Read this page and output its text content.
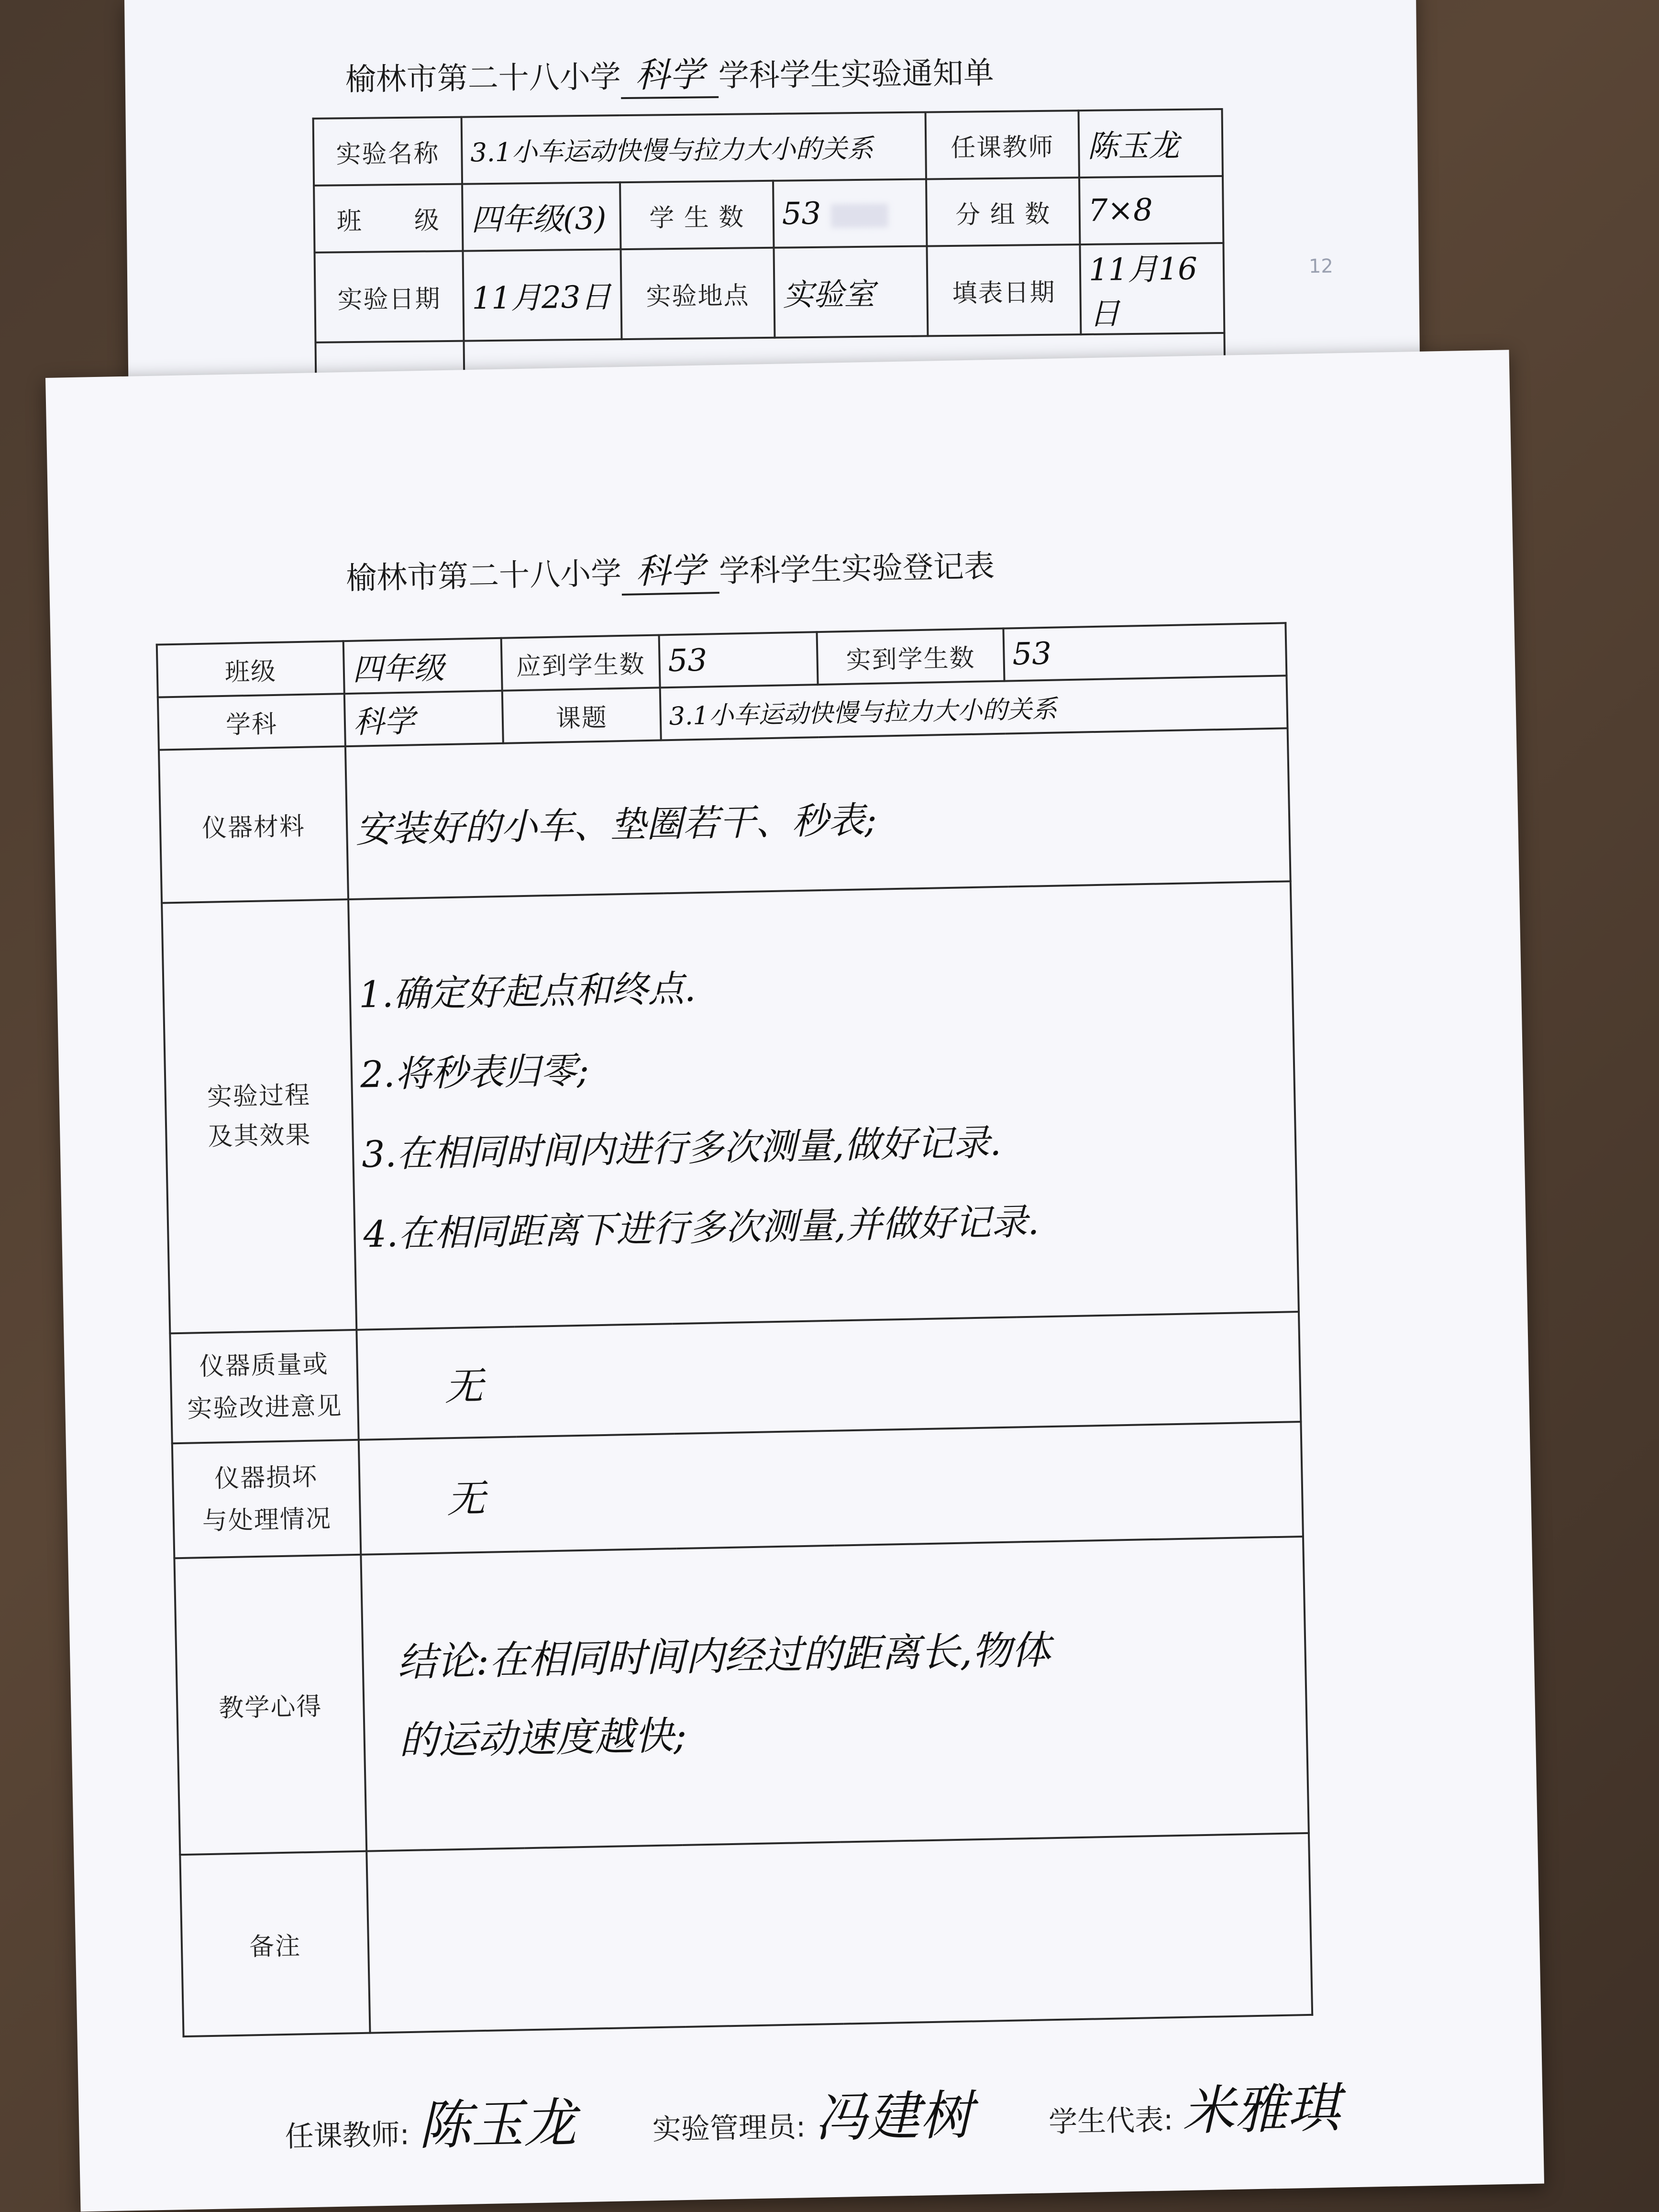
榆林市第二十八小学 科学 学科学生实验通知单
实验名称	3.1小车运动快慢与拉力大小的关系			任课教师	陈玉龙
班　　级	四年级(3)	学 生 数	53	分 组 数	7×8
实验日期	11月23日	实验地点	实验室	填表日期	11月16日

12
榆林市第二十八小学 科学 学科学生实验登记表
班级	四年级	应到学生数	53	实到学生数	53
学科	科学	课题	3.1小车运动快慢与拉力大小的关系		
仪器材料	安装好的小车、垫圈若干、秒表;				

实验过程
及其效果	1.确定好起点和终点.
2.将秒表归零;
3.在相同时间内进行多次测量,做好记录.
4.在相同距离下进行多次测量,并做好记录.				

仪器质量或
实验改进意见	无				

仪器损坏
与处理情况	无				
教学心得	结论:在相同时间内经过的距离长,物体
的运动速度越快;				

备注					
任课教师: 陈玉龙	实验管理员: 冯建树	学生代表: 米雅琪
